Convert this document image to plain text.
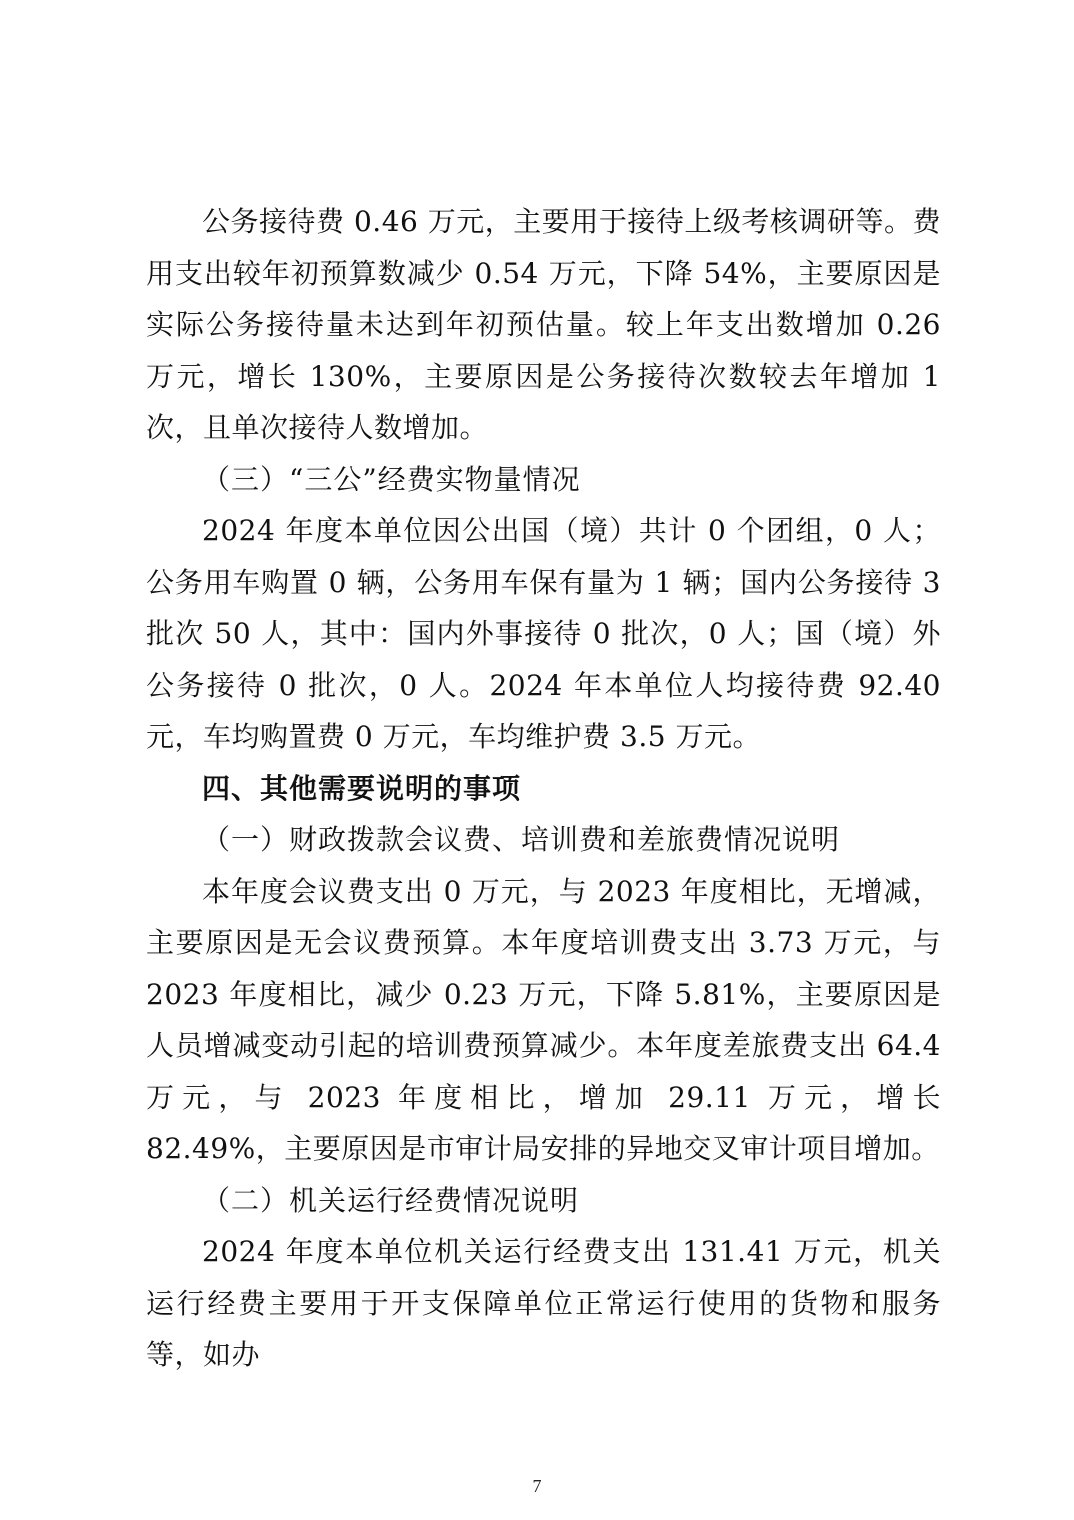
公务接待费 0.46 万元，主要用于接待上级考核调研等。费用支出较年初预算数减少 0.54 万元，下降 54%，主要原因是实际公务接待量未达到年初预估量。较上年支出数增加 0.26 万元，增长 130%，主要原因是公务接待次数较去年增加 1 次，且单次接待人数增加。

（三）“三公”经费实物量情况

2024 年度本单位因公出国（境）共计 0 个团组，0 人；公务用车购置 0 辆，公务用车保有量为 1 辆；国内公务接待 3 批次 50 人，其中：国内外事接待 0 批次，0 人；国（境）外公务接待 0 批次，0 人。2024 年本单位人均接待费 92.40 元，车均购置费 0 万元，车均维护费 3.5 万元。

四、其他需要说明的事项

（一）财政拨款会议费、培训费和差旅费情况说明

本年度会议费支出 0 万元，与 2023 年度相比，无增减，主要原因是无会议费预算。本年度培训费支出 3.73 万元，与 2023 年度相比，减少 0.23 万元，下降 5.81%，主要原因是人员增减变动引起的培训费预算减少。本年度差旅费支出 64.4 万元，与 2023 年度相比，增加 29.11 万元，增长 82.49%，主要原因是市审计局安排的异地交叉审计项目增加。

（二）机关运行经费情况说明

2024 年度本单位机关运行经费支出 131.41 万元，机关运行经费主要用于开支保障单位正常运行使用的货物和服务等，如办

7
